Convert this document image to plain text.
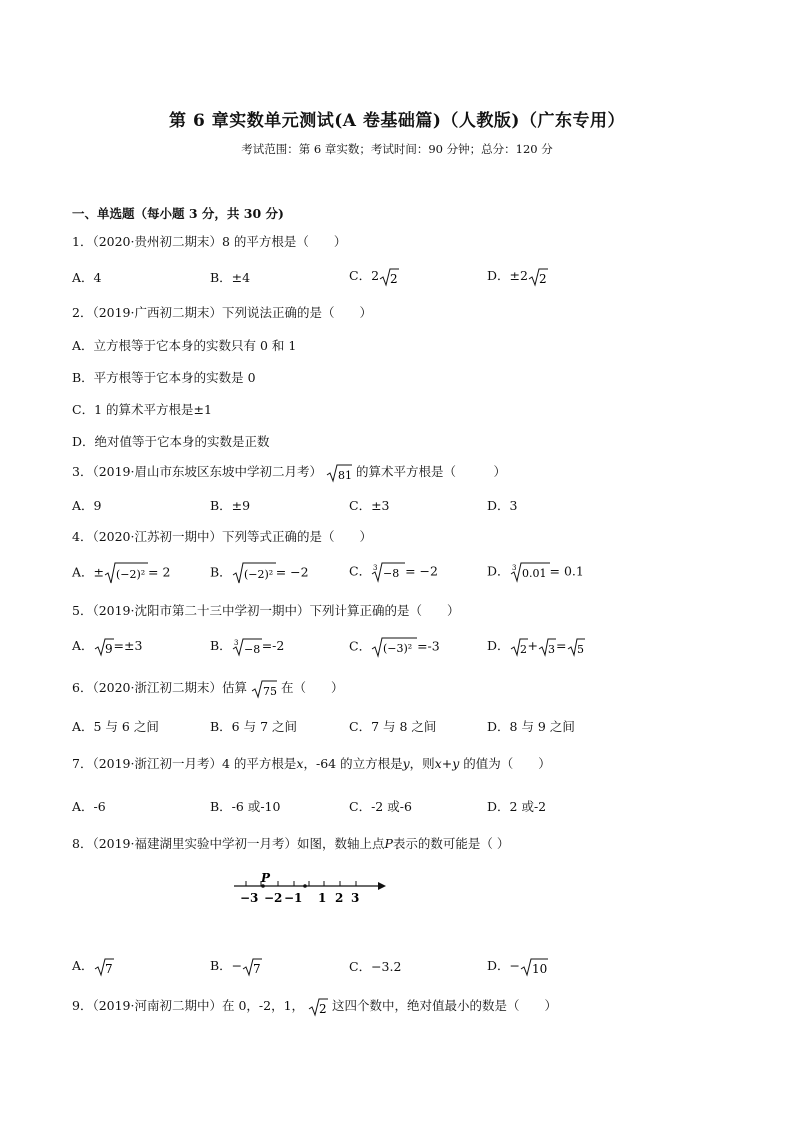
第 6 章实数单元测试(A 卷基础篇)（人教版)（广东专用）
考试范围：第 6 章实数；考试时间：90 分钟；总分：120 分
一、单选题（每小题 3 分，共 30 分)
1．（2020·贵州初二期末）8 的平方根是（　　）
A．4	B．±4	C．2 2	D．±2 2
2．（2019·广西初二期末）下列说法正确的是（　　）
A．立方根等于它本身的实数只有 0 和 1
B．平方根等于它本身的实数是 0
C．1 的算术平方根是±1
D．绝对值等于它本身的实数是正数
3．（2019·眉山市东坡区东坡中学初二月考） 81 的算术平方根是（　　　）
A．9	B．±9	C．±3	D．3
4．（2020·江苏初一期中）下列等式正确的是（　　）
A．± (−2)² = 2	B． (−2)² = −2	C． 3 −8 = −2	D． 3 0.01 = 0.1
5．（2019·沈阳市第二十三中学初一期中）下列计算正确的是（　　）
A． 9 =±3	B． 3 −8 =-2	C． (−3)² =-3	D． 2 + 3 = 5
6．（2020·浙江初二期末）估算 75 在（　　）
A．5 与 6 之间	B．6 与 7 之间	C．7 与 8 之间	D．8 与 9 之间
7．（2019·浙江初一月考）4 的平方根是x，-64 的立方根是y，则x+y 的值为（　　）
A．-6	B．-6 或-10	C．-2 或-6	D．2 或-2
8．（2019·福建湖里实验中学初一月考）如图，数轴上点P表示的数可能是（ ）
P
−3 −2 −1 1 2 3
A． 7	B．− 7	C．−3.2	D．− 10
9．（2019·河南初二期中）在 0，-2，1， 2 这四个数中，绝对值最小的数是（　　）
